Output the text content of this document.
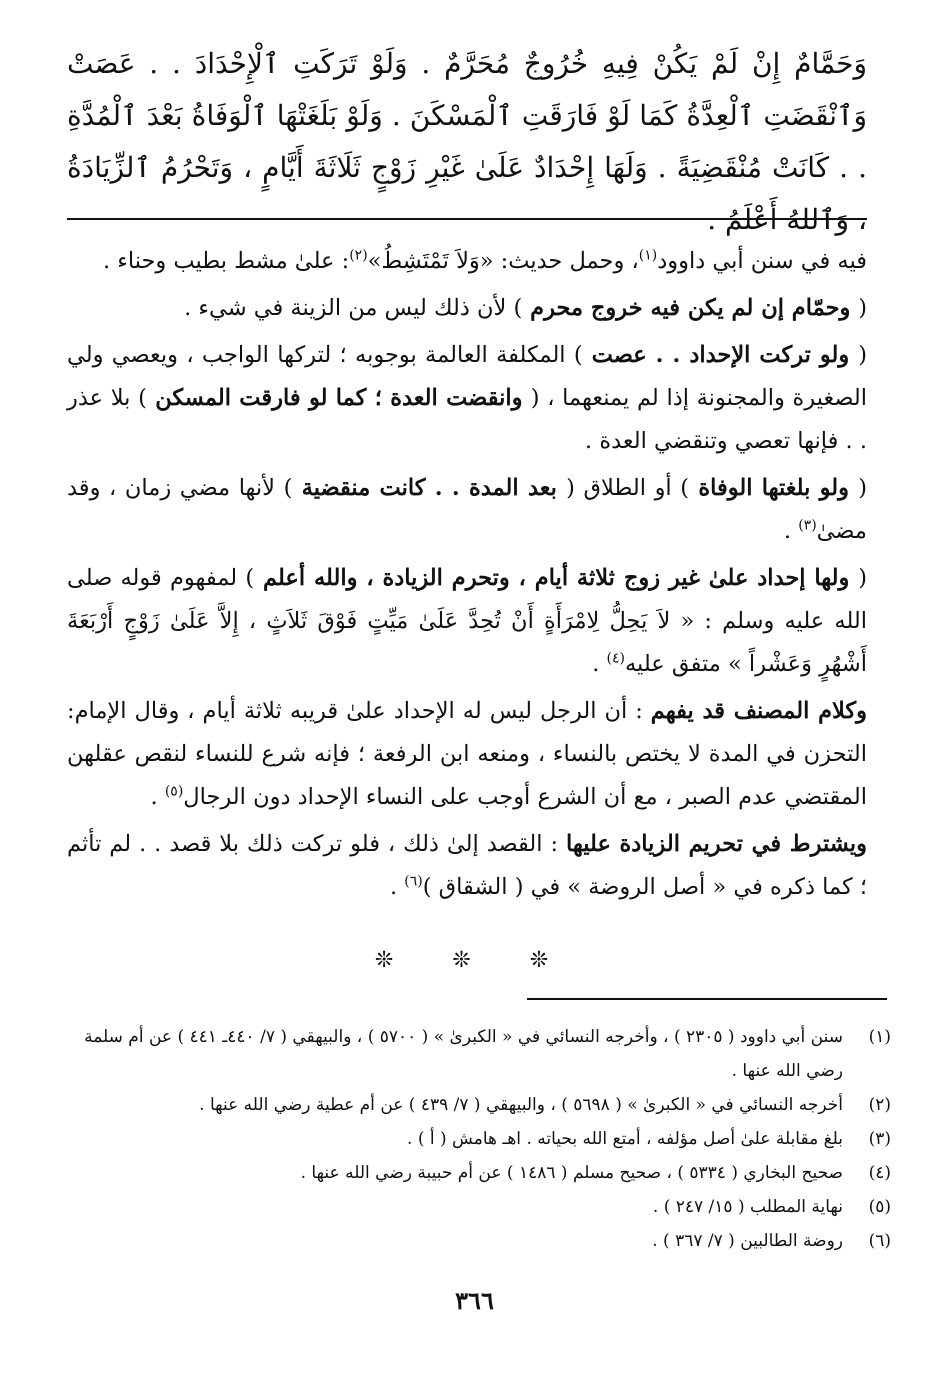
وَحَمَّامٌ إِنْ لَمْ يَكُنْ فِيهِ خُرُوجٌ مُحَرَّمٌ . وَلَوْ تَرَكَتِ ٱلْإِحْدَادَ . . عَصَتْ وَٱنْقَضَتِ ٱلْعِدَّةُ كَمَا لَوْ فَارَقَتِ ٱلْمَسْكَنَ . وَلَوْ بَلَغَتْهَا ٱلْوَفَاةُ بَعْدَ ٱلْمُدَّةِ . . كَانَتْ مُنْقَضِيَةً . وَلَهَا إِحْدَادٌ عَلَىٰ غَيْرِ زَوْجٍ ثَلَاثَةَ أَيَّامٍ ، وَتَحْرُمُ ٱلزِّيَادَةُ ، وَٱللهُ أَعْلَمُ .

فيه في سنن أبي داوود$^{(١)}$، وحمل حديث: «وَلاَ تَمْتَشِطُ»$^{(٢)}$: علىٰ مشط بطيب وحناء .

( وحمّام إن لم يكن فيه خروج محرم ) لأن ذلك ليس من الزينة في شيء .

( ولو تركت الإحداد . . عصت ) المكلفة العالمة بوجوبه ؛ لتركها الواجب ، ويعصي ولي الصغيرة والمجنونة إذا لم يمنعهما ، ( وانقضت العدة ؛ كما لو فارقت المسكن ) بلا عذر . . فإنها تعصي وتنقضي العدة .

( ولو بلغتها الوفاة ) أو الطلاق ( بعد المدة . . كانت منقضية ) لأنها مضي زمان ، وقد مضىٰ$^{(٣)}$ .

( ولها إحداد علىٰ غير زوج ثلاثة أيام ، وتحرم الزيادة ، والله أعلم ) لمفهوم قوله صلى الله عليه وسلم : « لاَ يَحِلُّ لِامْرَأَةٍ أَنْ تُحِدَّ عَلَىٰ مَيِّتٍ فَوْقَ ثَلاَثٍ ، إِلاَّ عَلَىٰ زَوْجٍ أَرْبَعَةَ أَشْهُرٍ وَعَشْراً » متفق عليه$^{(٤)}$ .

وكلام المصنف قد يفهم : أن الرجل ليس له الإحداد علىٰ قريبه ثلاثة أيام ، وقال الإمام: التحزن في المدة لا يختص بالنساء ، ومنعه ابن الرفعة ؛ فإنه شرع للنساء لنقص عقلهن المقتضي عدم الصبر ، مع أن الشرع أوجب على النساء الإحداد دون الرجال$^{(٥)}$ .

ويشترط في تحريم الزيادة عليها : القصد إلىٰ ذلك ، فلو تركت ذلك بلا قصد . . لم تأثم ؛ كما ذكره في « أصل الروضة » في ( الشقاق )$^{(٦)}$ .

❊ ❊ ❊
(١)
سنن أبي داوود ( ٢٣٠٥ ) ، وأخرجه النسائي في « الكبرىٰ » ( ٥٧٠٠ ) ، والبيهقي ( ٧/ ٤٤٠ـ ٤٤١ ) عن أم سلمة رضي الله عنها .
(٢)
أخرجه النسائي في « الكبرىٰ » ( ٥٦٩٨ ) ، والبيهقي ( ٧/ ٤٣٩ ) عن أم عطية رضي الله عنها .
(٣)
بلغ مقابلة علىٰ أصل مؤلفه ، أمتع الله بحياته . اهـ هامش ( أ ) .
(٤)
صحيح البخاري ( ٥٣٣٤ ) ، صحيح مسلم ( ١٤٨٦ ) عن أم حبيبة رضي الله عنها .
(٥)
نهاية المطلب ( ١٥/ ٢٤٧ ) .
(٦)
روضة الطالبين ( ٧/ ٣٦٧ ) .
٣٦٦
